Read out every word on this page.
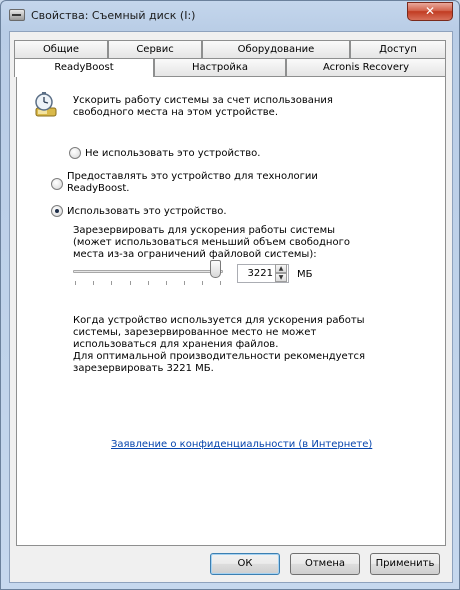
Свойства: Съемный диск (I:)	✕
Общие	Сервис	Оборудование	Доступ
ReadyBoost	Настройка	Acronis Recovery
Ускорить работу системы за счет использования
свободного места на этом устройстве.
Не использовать это устройство.
Предоставлять это устройство для технологии
ReadyBoost.
Использовать это устройство.
Зарезервировать для ускорения работы системы
(может использоваться меньший объем свободного
места из-за ограничений файловой системы):
3221 ▲
▼	МБ
Когда устройство используется для ускорения работы
системы, зарезервированное место не может
использоваться для хранения файлов.
Для оптимальной производительности рекомендуется
зарезервировать 3221 МБ.
Заявление о конфиденциальности (в Интернете)
ОК	Отмена	Применить
